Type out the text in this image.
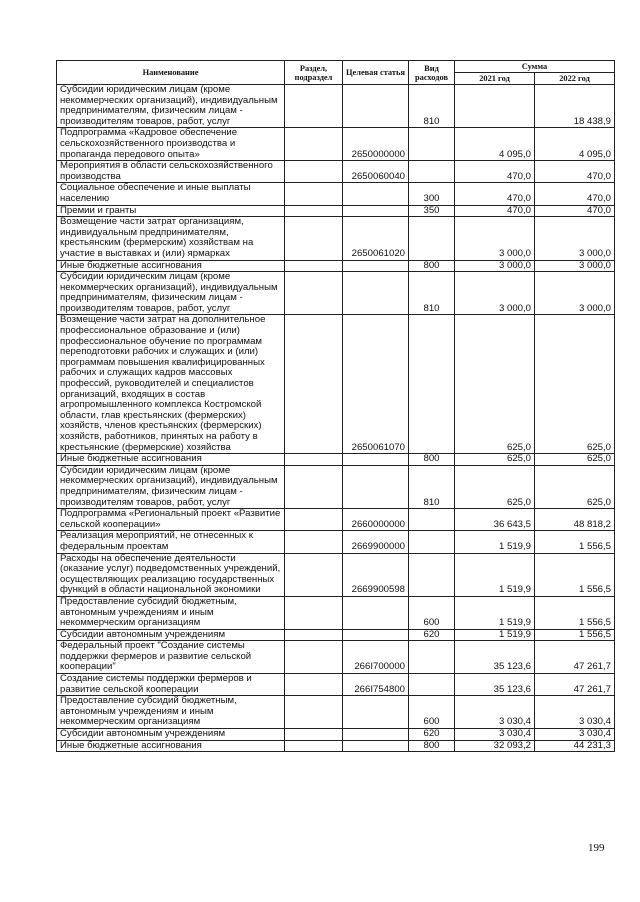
Наименование	Раздел, подраздел	Целевая статья	Вид расходов	Сумма	
				2021 год	2022 год
Субсидии юридическим лицам (кроме некоммерческих организаций), индивидуальным предпринимателям, физическим лицам - производителям товаров, работ, услуг			810		18 438,9
Подпрограмма «Кадровое обеспечение сельскохозяйственного производства и пропаганда передового опыта»		2650000000		4 095,0	4 095,0
Мероприятия в области сельскохозяйственного производства		2650060040		470,0	470,0
Социальное обеспечение и иные выплаты населению			300	470,0	470,0
Премии и гранты			350	470,0	470,0
Возмещение части затрат организациям, индивидуальным предпринимателям, крестьянским (фермерским) хозяйствам на участие в выставках и (или) ярмарках		2650061020		3 000,0	3 000,0
Иные бюджетные ассигнования			800	3 000,0	3 000,0
Субсидии юридическим лицам (кроме некоммерческих организаций), индивидуальным предпринимателям, физическим лицам - производителям товаров, работ, услуг			810	3 000,0	3 000,0
Возмещение части затрат на дополнительное профессиональное образование и (или) профессиональное обучение по программам переподготовки рабочих и служащих и (или) программам повышения квалифицированных рабочих и служащих кадров массовых профессий, руководителей и специалистов организаций, входящих в состав агропромышленного комплекса Костромской области, глав крестьянских (фермерских) хозяйств, членов крестьянских (фермерских) хозяйств, работников, принятых на работу в крестьянские (фермерские) хозяйства		2650061070		625,0	625,0
Иные бюджетные ассигнования			800	625,0	625,0
Субсидии юридическим лицам (кроме некоммерческих организаций), индивидуальным предпринимателям, физическим лицам - производителям товаров, работ, услуг			810	625,0	625,0
Подпрограмма «Региональный проект «Развитие сельской кооперации»		2660000000		36 643,5	48 818,2
Реализация мероприятий, не отнесенных к федеральным проектам		2669900000		1 519,9	1 556,5
Расходы на обеспечение деятельности (оказание услуг) подведомственных учреждений, осуществляющих реализацию государственных функций в области национальной экономики		2669900598		1 519,9	1 556,5
Предоставление субсидий бюджетным, автономным учреждениям и иным некоммерческим организациям			600	1 519,9	1 556,5
Субсидии автономным учреждениям			620	1 519,9	1 556,5
Федеральный проект "Создание системы поддержки фермеров и развитие сельской кооперации"		266I700000		35 123,6	47 261,7
Создание системы поддержки фермеров и развитие сельской кооперации		266I754800		35 123,6	47 261,7
Предоставление субсидий бюджетным, автономным учреждениям и иным некоммерческим организациям			600	3 030,4	3 030,4
Субсидии автономным учреждениям			620	3 030,4	3 030,4
Иные бюджетные ассигнования			800	32 093,2	44 231,3
199
